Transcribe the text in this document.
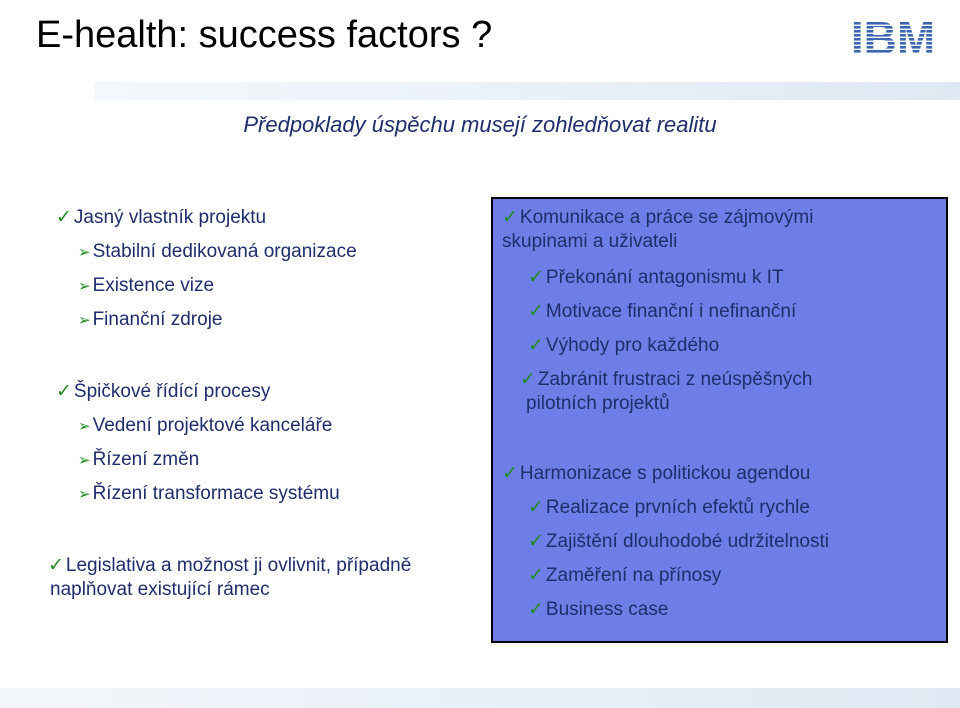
E-health: success factors ?	IBM
Předpoklady úspěchu musejí zohledňovat realitu
✓ Jasný vlastník projektu
➢ Stabilní dedikovaná organizace
➢ Existence vize
➢ Finanční zdroje
✓ Špičkové řídící procesy
➢ Vedení projektové kanceláře
➢ Řízení změn
➢ Řízení transformace systému
✓ Legislativa a možnost ji ovlivnit, případně
naplňovat existující rámec
✓ Komunikace a práce se zájmovými
skupinami a uživateli
✓ Překonání antagonismu k IT
✓ Motivace finanční i nefinanční
✓ Výhody pro každého
✓ Zabránit frustraci z neúspěšných
pilotních projektů
✓ Harmonizace s politickou agendou
✓ Realizace prvních efektů rychle
✓ Zajištění dlouhodobé udržitelnosti
✓ Zaměření na přínosy
✓ Business case
